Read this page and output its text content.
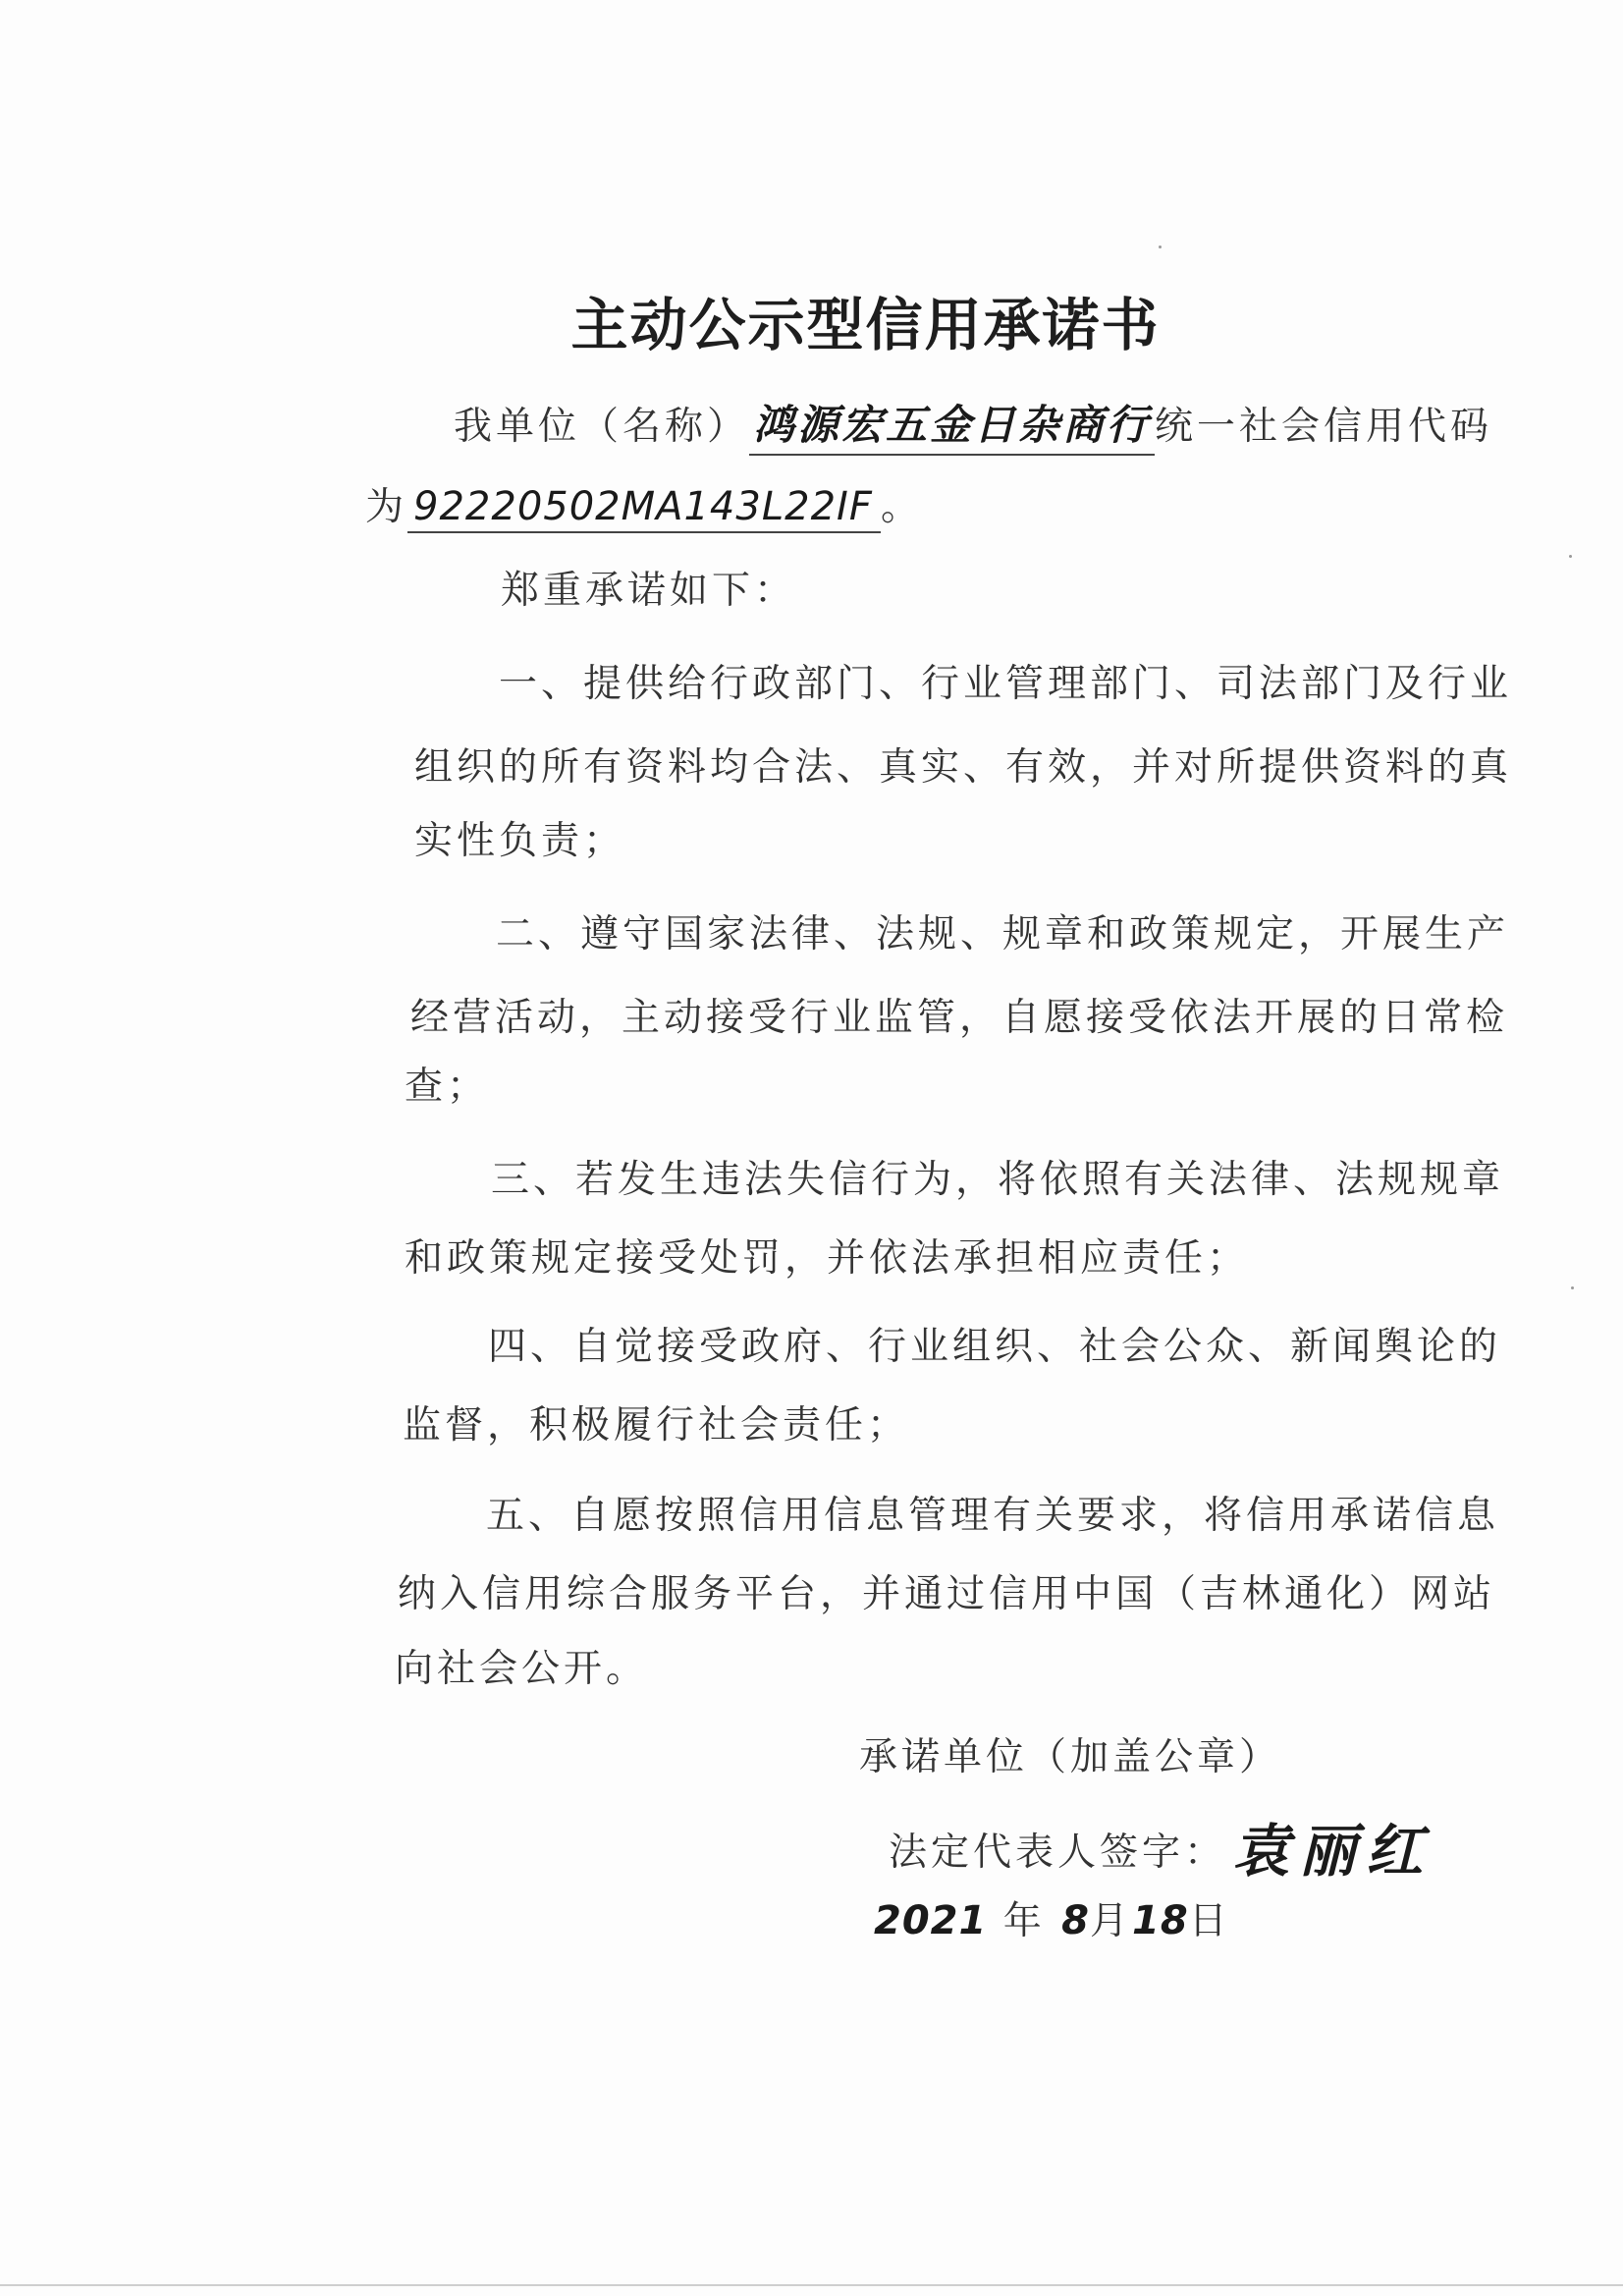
主动公示型信用承诺书
我单位（名称）鸿源宏五金日杂商行 统一社会信用代码
为 92220502MA143L22IF 。
郑重承诺如下：
一、提供给行政部门、行业管理部门、司法部门及行业
组织的所有资料均合法、真实、有效，并对所提供资料的真
实性负责；
二、遵守国家法律、法规、规章和政策规定，开展生产
经营活动，主动接受行业监管，自愿接受依法开展的日常检
查；
三、若发生违法失信行为，将依照有关法律、法规规章
和政策规定接受处罚，并依法承担相应责任；
四、自觉接受政府、行业组织、社会公众、新闻舆论的
监督，积极履行社会责任；
五、自愿按照信用信息管理有关要求，将信用承诺信息
纳入信用综合服务平台，并通过信用中国（吉林通化）网站
向社会公开。
承诺单位（加盖公章）
法定代表人签字： 袁丽红
2021 年 8月18日
